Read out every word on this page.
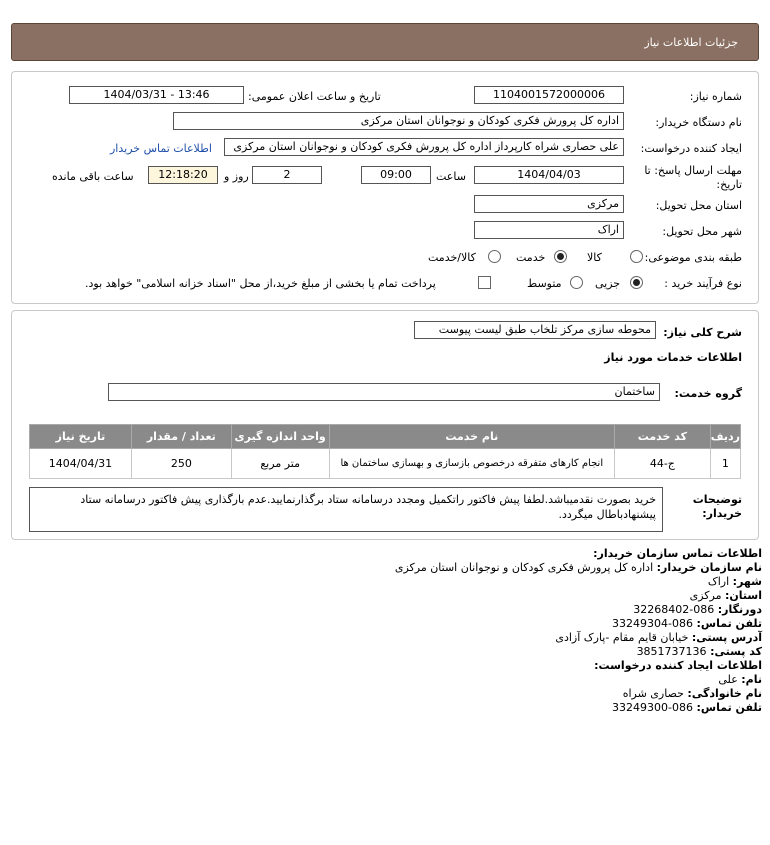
جزئیات اطلاعات نیاز
شماره نیاز:
1104001572000006
تاریخ و ساعت اعلان عمومی:
1404/03/31 - 13:46
نام دستگاه خریدار:
اداره کل پرورش فکری کودکان و نوجوانان استان مرکزی
ایجاد کننده درخواست:
علی حصاری شراه کارپرداز اداره کل پرورش فکری کودکان و نوجوانان استان مرکزی
اطلاعات تماس خریدار
مهلت ارسال پاسخ: تا
تاریخ:
1404/04/03
ساعت
09:00
2
روز و
12:18:20
ساعت باقی مانده
استان محل تحویل:
مرکزی
شهر محل تحویل:
اراک
طبقه بندی موضوعی:
کالا
خدمت
کالا/خدمت
نوع فرآیند خرید :
جزیی
متوسط
پرداخت تمام یا بخشی از مبلغ خرید،از محل "اسناد خزانه اسلامی" خواهد بود.
شرح کلی نیاز:
محوطه سازی مرکز تلخاب طبق لیست پیوست
اطلاعات خدمات مورد نیاز
گروه خدمت:
ساختمان
ردیف	کد خدمت	نام خدمت	واحد اندازه گیری	تعداد / مقدار	تاریخ نیاز
1	ج-44	انجام کارهای متفرقه درخصوص بازسازی و بهسازی ساختمان ها	متر مربع	250	1404/04/31
توضیحات
خریدار:
خرید بصورت نقدمیباشد.لطفا پیش فاکتور راتکمیل ومجدد درسامانه ستاد برگذارنمایید.عدم بارگذاری پیش فاکتور درسامانه ستاد پیشنهادباطال میگردد.
اطلاعات تماس سازمان خریدار:
نام سازمان خریدار: اداره کل پرورش فکری کودکان و نوجوانان استان مرکزی
شهر: اراک
استان: مرکزی
دورنگار: 086-32268402
تلفن تماس: 086-33249304
آدرس پستی: خیابان قایم مقام -پارک آزادی
کد پستی: 3851737136
اطلاعات ایجاد کننده درخواست:
نام: علی
نام خانوادگی: حصاری شراه
تلفن تماس: 086-33249300
